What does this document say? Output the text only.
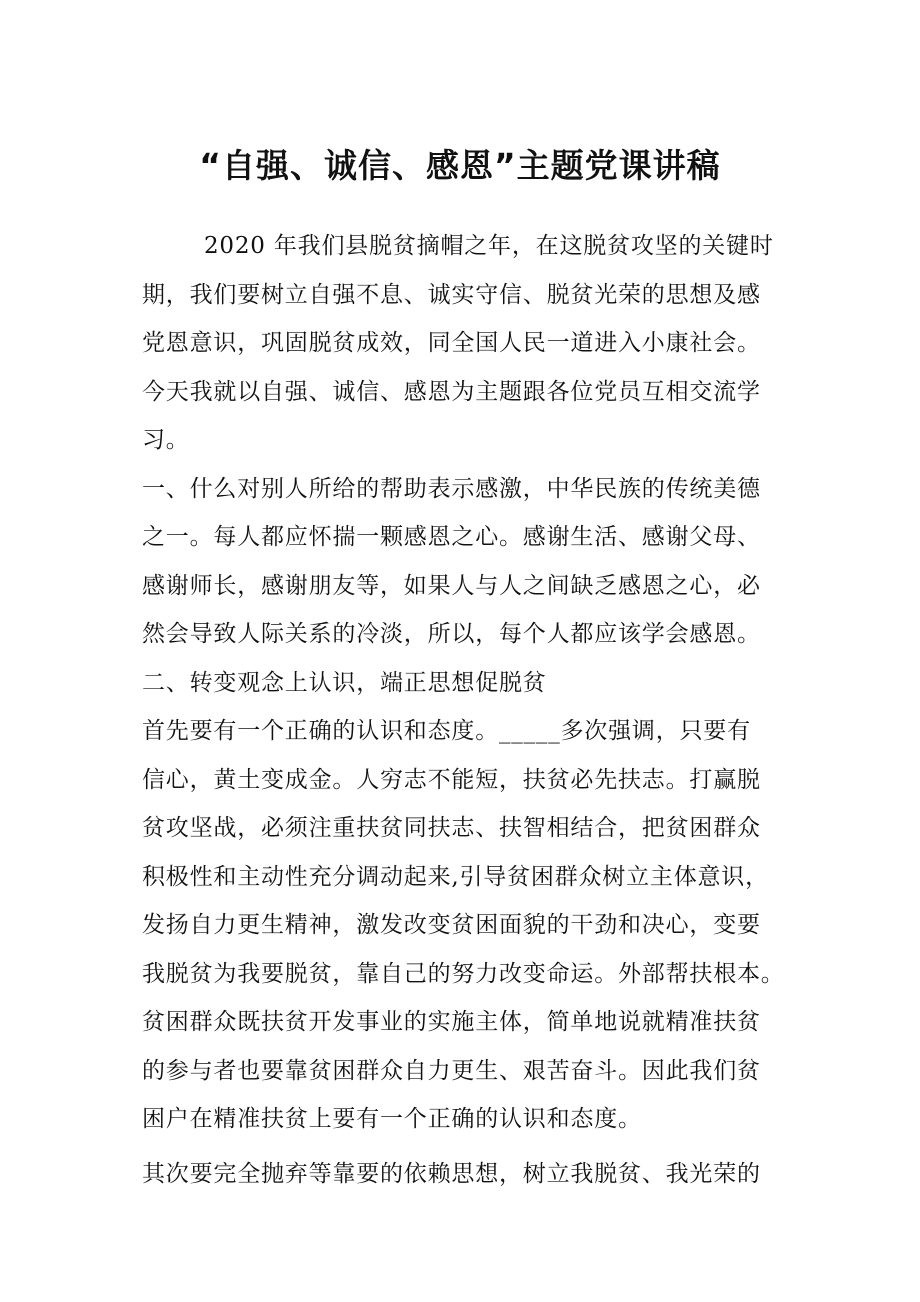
“自强、诚信、感恩”主题党课讲稿
2020 年我们县脱贫摘帽之年，在这脱贫攻坚的关键时
期，我们要树立自强不息、诚实守信、脱贫光荣的思想及感
党恩意识，巩固脱贫成效，同全国人民一道进入小康社会。
今天我就以自强、诚信、感恩为主题跟各位党员互相交流学
习。
一、什么对别人所给的帮助表示感激，中华民族的传统美德
之一。每人都应怀揣一颗感恩之心。感谢生活、感谢父母、
感谢师长，感谢朋友等，如果人与人之间缺乏感恩之心，必
然会导致人际关系的冷淡，所以，每个人都应该学会感恩。
二、转变观念上认识，端正思想促脱贫
首先要有一个正确的认识和态度。_____多次强调，只要有
信心，黄土变成金。人穷志不能短，扶贫必先扶志。打赢脱
贫攻坚战，必须注重扶贫同扶志、扶智相结合，把贫困群众
积极性和主动性充分调动起来,引导贫困群众树立主体意识，
发扬自力更生精神，激发改变贫困面貌的干劲和决心，变要
我脱贫为我要脱贫，靠自己的努力改变命运。外部帮扶根本。
贫困群众既扶贫开发事业的实施主体，简单地说就精准扶贫
的参与者也要靠贫困群众自力更生、艰苦奋斗。因此我们贫
困户在精准扶贫上要有一个正确的认识和态度。
其次要完全抛弃等靠要的依赖思想，树立我脱贫、我光荣的
